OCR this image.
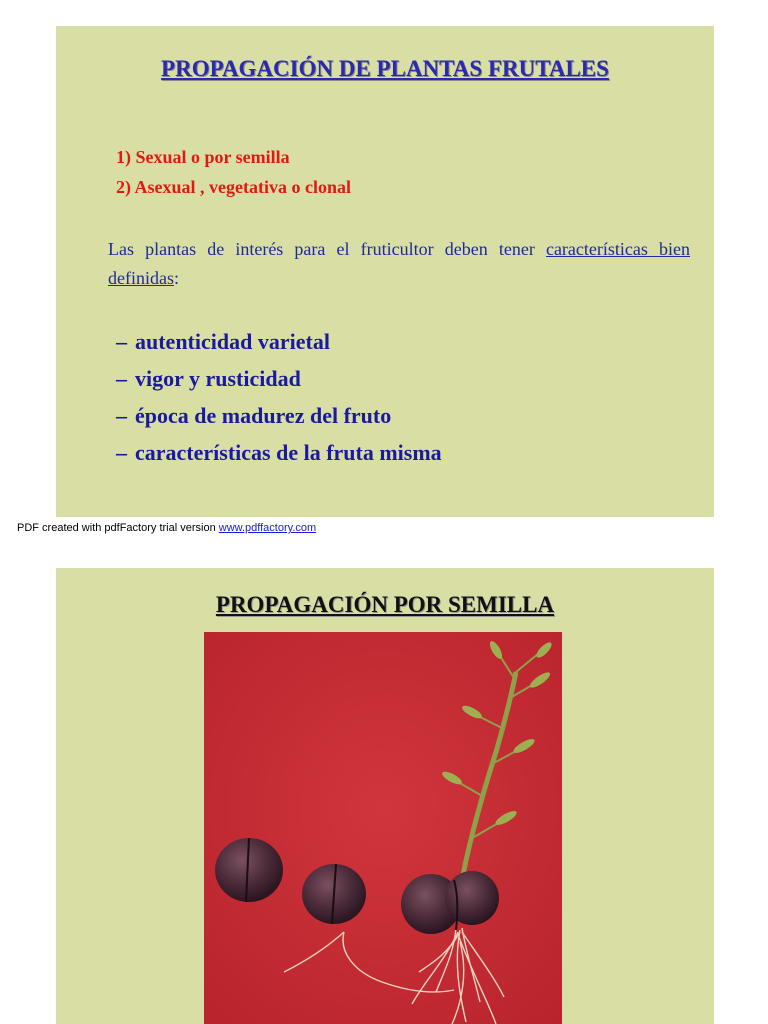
PROPAGACIÓN DE PLANTAS FRUTALES
1) Sexual o por semilla
2) Asexual , vegetativa o clonal
Las plantas de interés para el fruticultor deben tener características bien definidas:
– autenticidad varietal
– vigor y rusticidad
– época de madurez del fruto
– características de la fruta misma
PDF created with pdfFactory trial version www.pdffactory.com
PROPAGACIÓN POR SEMILLA
